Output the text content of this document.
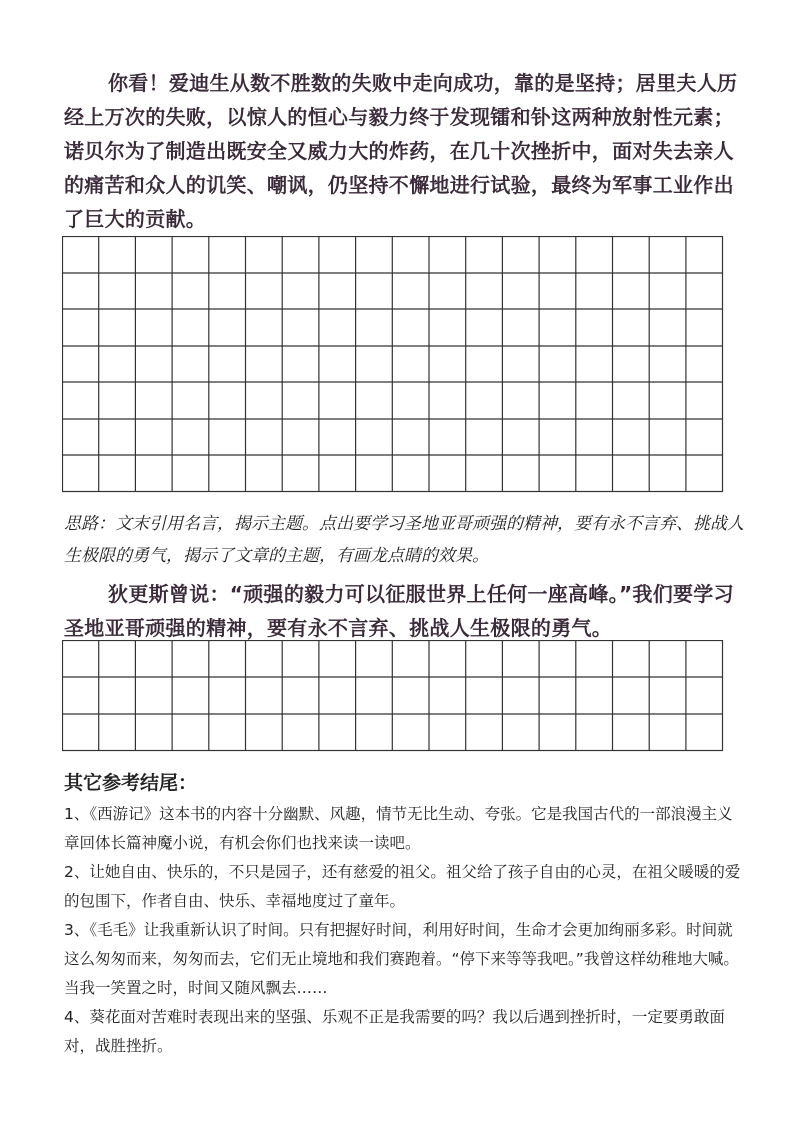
你看！爱迪生从数不胜数的失败中走向成功，靠的是坚持；居里夫人历经上万次的失败，以惊人的恒心与毅力终于发现镭和钋这两种放射性元素；诺贝尔为了制造出既安全又威力大的炸药，在几十次挫折中，面对失去亲人的痛苦和众人的讥笑、嘲讽，仍坚持不懈地进行试验，最终为军事工业作出了巨大的贡献。

思路：文末引用名言，揭示主题。点出要学习圣地亚哥顽强的精神，要有永不言弃、挑战人生极限的勇气，揭示了文章的主题，有画龙点睛的效果。

狄更斯曾说：“顽强的毅力可以征服世界上任何一座高峰。”我们要学习圣地亚哥顽强的精神，要有永不言弃、挑战人生极限的勇气。

其它参考结尾：
1、《西游记》这本书的内容十分幽默、风趣，情节无比生动、夸张。它是我国古代的一部浪漫主义章回体长篇神魔小说，有机会你们也找来读一读吧。
2、让她自由、快乐的，不只是园子，还有慈爱的祖父。祖父给了孩子自由的心灵，在祖父暖暖的爱的包围下，作者自由、快乐、幸福地度过了童年。
3、《毛毛》让我重新认识了时间。只有把握好时间，利用好时间，生命才会更加绚丽多彩。时间就这么匆匆而来，匆匆而去，它们无止境地和我们赛跑着。“停下来等等我吧。”我曾这样幼稚地大喊。当我一笑置之时，时间又随风飘去……
4、葵花面对苦难时表现出来的坚强、乐观不正是我需要的吗？我以后遇到挫折时，一定要勇敢面对，战胜挫折。
